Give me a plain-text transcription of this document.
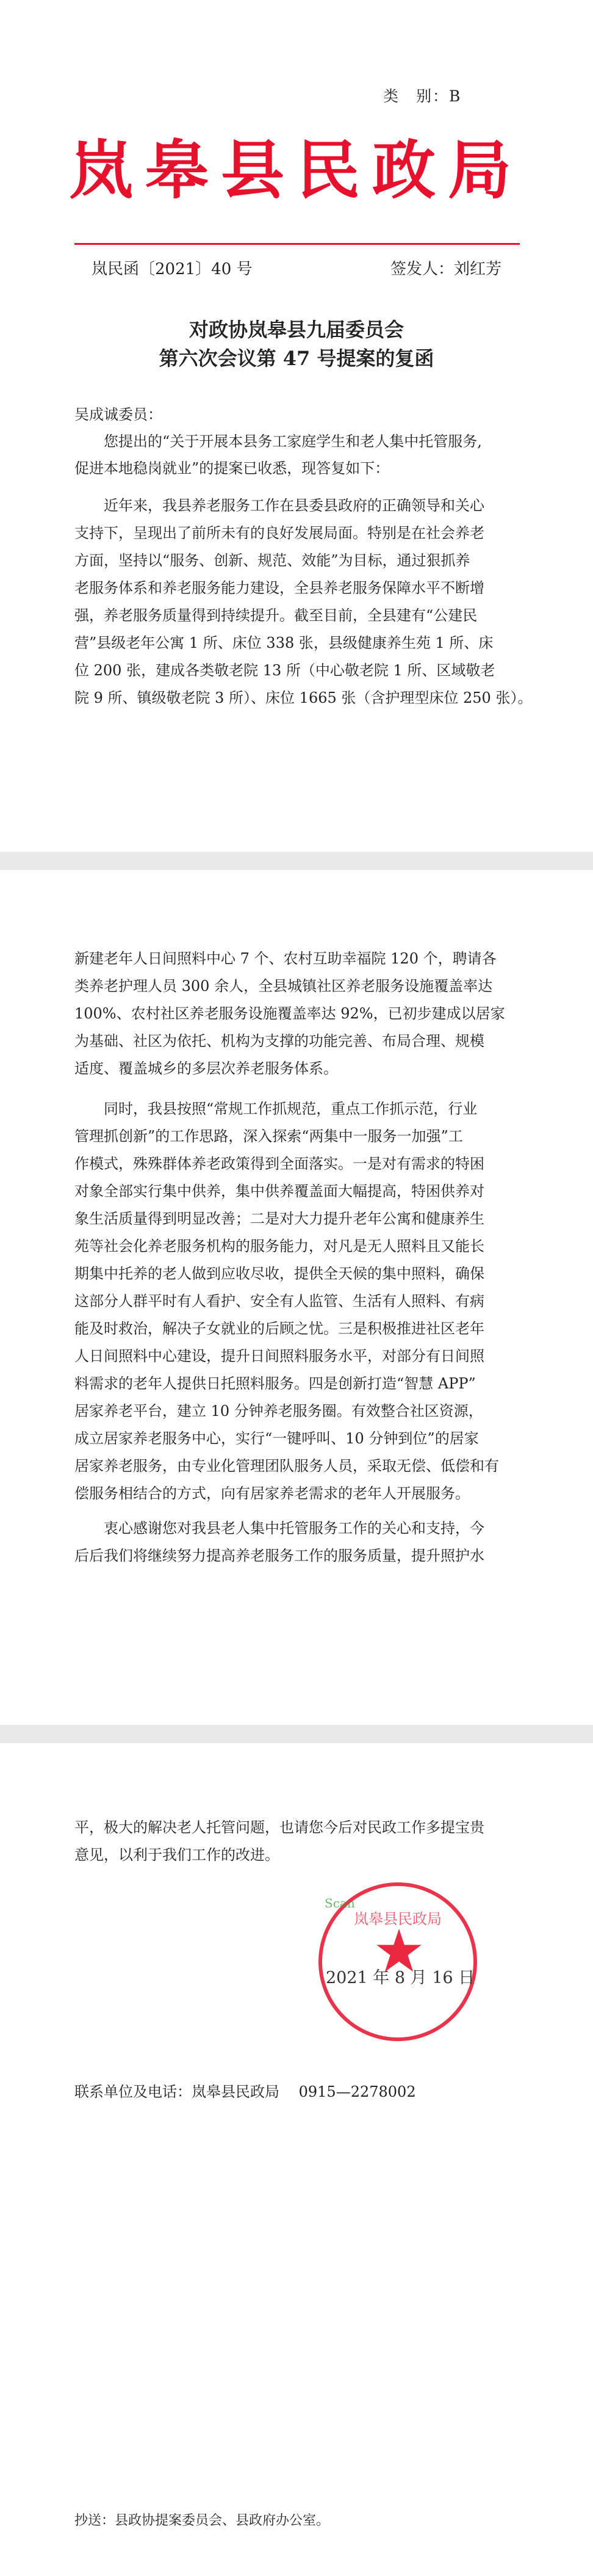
类　别：B
岚皋县民政局
岚民函〔2021〕40 号	签发人：刘红芳
对政协岚皋县九届委员会
第六次会议第 47 号提案的复函
吴成诚委员：
您提出的“关于开展本县务工家庭学生和老人集中托管服务,
促进本地稳岗就业”的提案已收悉，现答复如下：
近年来，我县养老服务工作在县委县政府的正确领导和关心
支持下，呈现出了前所未有的良好发展局面。特别是在社会养老
方面，坚持以“服务、创新、规范、效能”为目标，通过狠抓养
老服务体系和养老服务能力建设，全县养老服务保障水平不断增
强，养老服务质量得到持续提升。截至目前，全县建有“公建民
营”县级老年公寓 1 所、床位 338 张，县级健康养生苑 1 所、床
位 200 张，建成各类敬老院 13 所（中心敬老院 1 所、区域敬老
院 9 所、镇级敬老院 3 所）、床位 1665 张（含护理型床位 250 张）。
新建老年人日间照料中心 7 个、农村互助幸福院 120 个，聘请各
类养老护理人员 300 余人，全县城镇社区养老服务设施覆盖率达
100%、农村社区养老服务设施覆盖率达 92%，已初步建成以居家
为基础、社区为依托、机构为支撑的功能完善、布局合理、规模
适度、覆盖城乡的多层次养老服务体系。
同时，我县按照“常规工作抓规范，重点工作抓示范，行业
管理抓创新”的工作思路，深入探索“两集中一服务一加强”工
作模式，殊殊群体养老政策得到全面落实。一是对有需求的特困
对象全部实行集中供养，集中供养覆盖面大幅提高，特困供养对
象生活质量得到明显改善；二是对大力提升老年公寓和健康养生
苑等社会化养老服务机构的服务能力，对凡是无人照料且又能长
期集中托养的老人做到应收尽收，提供全天候的集中照料，确保
这部分人群平时有人看护、安全有人监管、生活有人照料、有病
能及时救治，解决子女就业的后顾之忧。三是积极推进社区老年
人日间照料中心建设，提升日间照料服务水平，对部分有日间照
料需求的老年人提供日托照料服务。四是创新打造“智慧 APP”
居家养老平台，建立 10 分钟养老服务圈。有效整合社区资源，
成立居家养老服务中心，实行“一键呼叫、10 分钟到位”的居家
居家养老服务，由专业化管理团队服务人员，采取无偿、低偿和有
偿服务相结合的方式，向有居家养老需求的老年人开展服务。
衷心感谢您对我县老人集中托管服务工作的关心和支持，今
后后我们将继续努力提高养老服务工作的服务质量，提升照护水
平，极大的解决老人托管问题，也请您今后对民政工作多提宝贵
意见，以利于我们工作的改进。
Scan
岚皋县民政局
2021 年 8 月 16 日
联系单位及电话：岚皋县民政局　 0915—2278002
抄送：县政协提案委员会、县政府办公室。
